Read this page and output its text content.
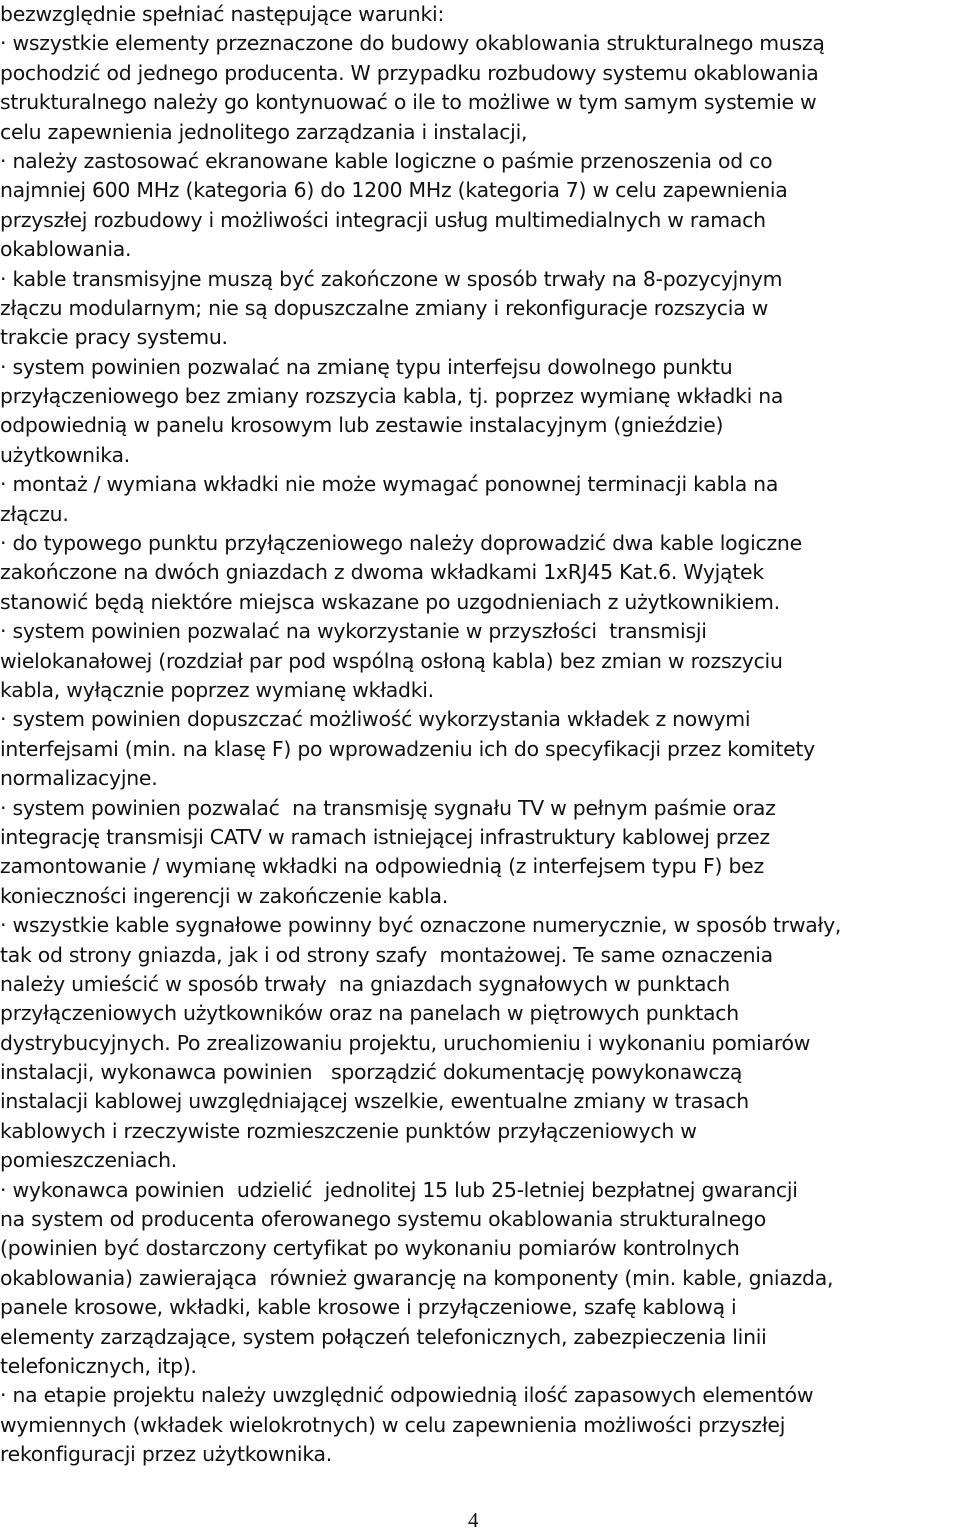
bezwzględnie spełniać następujące warunki:
· wszystkie elementy przeznaczone do budowy okablowania strukturalnego muszą
pochodzić od jednego producenta. W przypadku rozbudowy systemu okablowania
strukturalnego należy go kontynuować o ile to możliwe w tym samym systemie w
celu zapewnienia jednolitego zarządzania i instalacji,
· należy zastosować ekranowane kable logiczne o paśmie przenoszenia od co
najmniej 600 MHz (kategoria 6) do 1200 MHz (kategoria 7) w celu zapewnienia
przyszłej rozbudowy i możliwości integracji usług multimedialnych w ramach
okablowania.
· kable transmisyjne muszą być zakończone w sposób trwały na 8-pozycyjnym
złączu modularnym; nie są dopuszczalne zmiany i rekonfiguracje rozszycia w
trakcie pracy systemu.
· system powinien pozwalać na zmianę typu interfejsu dowolnego punktu
przyłączeniowego bez zmiany rozszycia kabla, tj. poprzez wymianę wkładki na
odpowiednią w panelu krosowym lub zestawie instalacyjnym (gnieździe)
użytkownika.
· montaż / wymiana wkładki nie może wymagać ponownej terminacji kabla na
złączu.
· do typowego punktu przyłączeniowego należy doprowadzić dwa kable logiczne
zakończone na dwóch gniazdach z dwoma wkładkami 1xRJ45 Kat.6. Wyjątek
stanowić będą niektóre miejsca wskazane po uzgodnieniach z użytkownikiem.
· system powinien pozwalać na wykorzystanie w przyszłości  transmisji
wielokanałowej (rozdział par pod wspólną osłoną kabla) bez zmian w rozszyciu
kabla, wyłącznie poprzez wymianę wkładki.
· system powinien dopuszczać możliwość wykorzystania wkładek z nowymi
interfejsami (min. na klasę F) po wprowadzeniu ich do specyfikacji przez komitety
normalizacyjne.
· system powinien pozwalać  na transmisję sygnału TV w pełnym paśmie oraz
integrację transmisji CATV w ramach istniejącej infrastruktury kablowej przez
zamontowanie / wymianę wkładki na odpowiednią (z interfejsem typu F) bez
konieczności ingerencji w zakończenie kabla.
· wszystkie kable sygnałowe powinny być oznaczone numerycznie, w sposób trwały,
tak od strony gniazda, jak i od strony szafy  montażowej. Te same oznaczenia
należy umieścić w sposób trwały  na gniazdach sygnałowych w punktach
przyłączeniowych użytkowników oraz na panelach w piętrowych punktach
dystrybucyjnych. Po zrealizowaniu projektu, uruchomieniu i wykonaniu pomiarów
instalacji, wykonawca powinien   sporządzić dokumentację powykonawczą
instalacji kablowej uwzględniającej wszelkie, ewentualne zmiany w trasach
kablowych i rzeczywiste rozmieszczenie punktów przyłączeniowych w
pomieszczeniach.
· wykonawca powinien  udzielić  jednolitej 15 lub 25-letniej bezpłatnej gwarancji
na system od producenta oferowanego systemu okablowania strukturalnego
(powinien być dostarczony certyfikat po wykonaniu pomiarów kontrolnych
okablowania) zawierająca  również gwarancję na komponenty (min. kable, gniazda,
panele krosowe, wkładki, kable krosowe i przyłączeniowe, szafę kablową i
elementy zarządzające, system połączeń telefonicznych, zabezpieczenia linii
telefonicznych, itp).
· na etapie projektu należy uwzględnić odpowiednią ilość zapasowych elementów
wymiennych (wkładek wielokrotnych) w celu zapewnienia możliwości przyszłej
rekonfiguracji przez użytkownika.
4
